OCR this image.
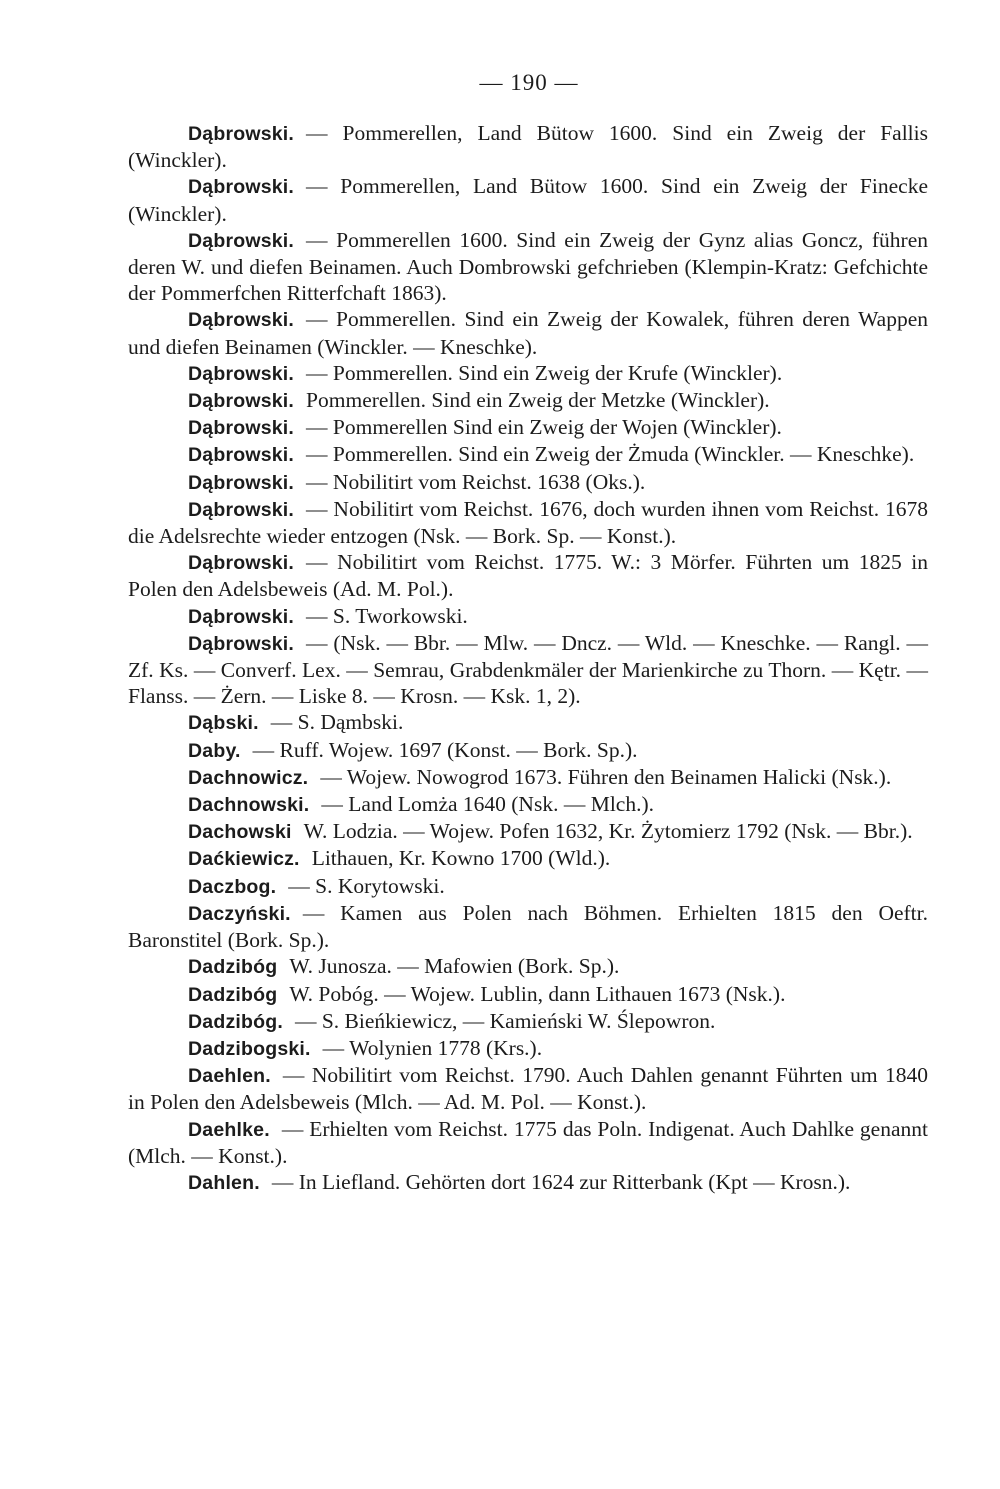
— 190 —

Dąbrowski. — Pommerellen, Land Bütow 1600. Sind ein Zweig der Fallis (Winckler).

Dąbrowski. — Pommerellen, Land Bütow 1600. Sind ein Zweig der Finecke (Winckler).

Dąbrowski. — Pommerellen 1600. Sind ein Zweig der Gynz alias Goncz, führen deren W. und diefen Beinamen. Auch Dombrowski gefchrieben (Klempin-Kratz: Gefchichte der Pommerfchen Ritterfchaft 1863).

Dąbrowski. — Pommerellen. Sind ein Zweig der Kowalek, führen deren Wappen und diefen Beinamen (Winckler. — Kneschke).

Dąbrowski. — Pommerellen. Sind ein Zweig der Krufe (Winckler).

Dąbrowski. Pommerellen. Sind ein Zweig der Metzke (Winckler).

Dąbrowski. — Pommerellen Sind ein Zweig der Wojen (Winckler).

Dąbrowski. — Pommerellen. Sind ein Zweig der Żmuda (Winckler. — Kneschke).

Dąbrowski. — Nobilitirt vom Reichst. 1638 (Oks.).

Dąbrowski. — Nobilitirt vom Reichst. 1676, doch wurden ihnen vom Reichst. 1678 die Adelsrechte wieder entzogen (Nsk. — Bork. Sp. — Konst.).

Dąbrowski. — Nobilitirt vom Reichst. 1775. W.: 3 Mörfer. Führten um 1825 in Polen den Adelsbeweis (Ad. M. Pol.).

Dąbrowski. — S. Tworkowski.

Dąbrowski. — (Nsk. — Bbr. — Mlw. — Dncz. — Wld. — Kneschke. — Rangl. — Zf. Ks. — Converf. Lex. — Semrau, Grabdenkmäler der Marienkirche zu Thorn. — Kętr. — Flanss. — Żern. — Liske 8. — Krosn. — Ksk. 1, 2).

Dąbski. — S. Dąmbski.

Daby. — Ruff. Wojew. 1697 (Konst. — Bork. Sp.).

Dachnowicz. — Wojew. Nowogrod 1673. Führen den Beinamen Halicki (Nsk.).

Dachnowski. — Land Lomża 1640 (Nsk. — Mlch.).

Dachowski W. Lodzia. — Wojew. Pofen 1632, Kr. Żytomierz 1792 (Nsk. — Bbr.).

Daćkiewicz. Lithauen, Kr. Kowno 1700 (Wld.).

Daczbog. — S. Korytowski.

Daczyński. — Kamen aus Polen nach Böhmen. Erhielten 1815 den Oeftr. Baronstitel (Bork. Sp.).

Dadzibóg W. Junosza. — Mafowien (Bork. Sp.).

Dadzibóg W. Pobóg. — Wojew. Lublin, dann Lithauen 1673 (Nsk.).

Dadzibóg. — S. Bieńkiewicz, — Kamieński W. Ślepowron.

Dadzibogski. — Wolynien 1778 (Krs.).

Daehlen. — Nobilitirt vom Reichst. 1790. Auch Dahlen genannt Führten um 1840 in Polen den Adelsbeweis (Mlch. — Ad. M. Pol. — Konst.).

Daehlke. — Erhielten vom Reichst. 1775 das Poln. Indigenat. Auch Dahlke genannt (Mlch. — Konst.).

Dahlen. — In Liefland. Gehörten dort 1624 zur Ritterbank (Kpt — Krosn.).
